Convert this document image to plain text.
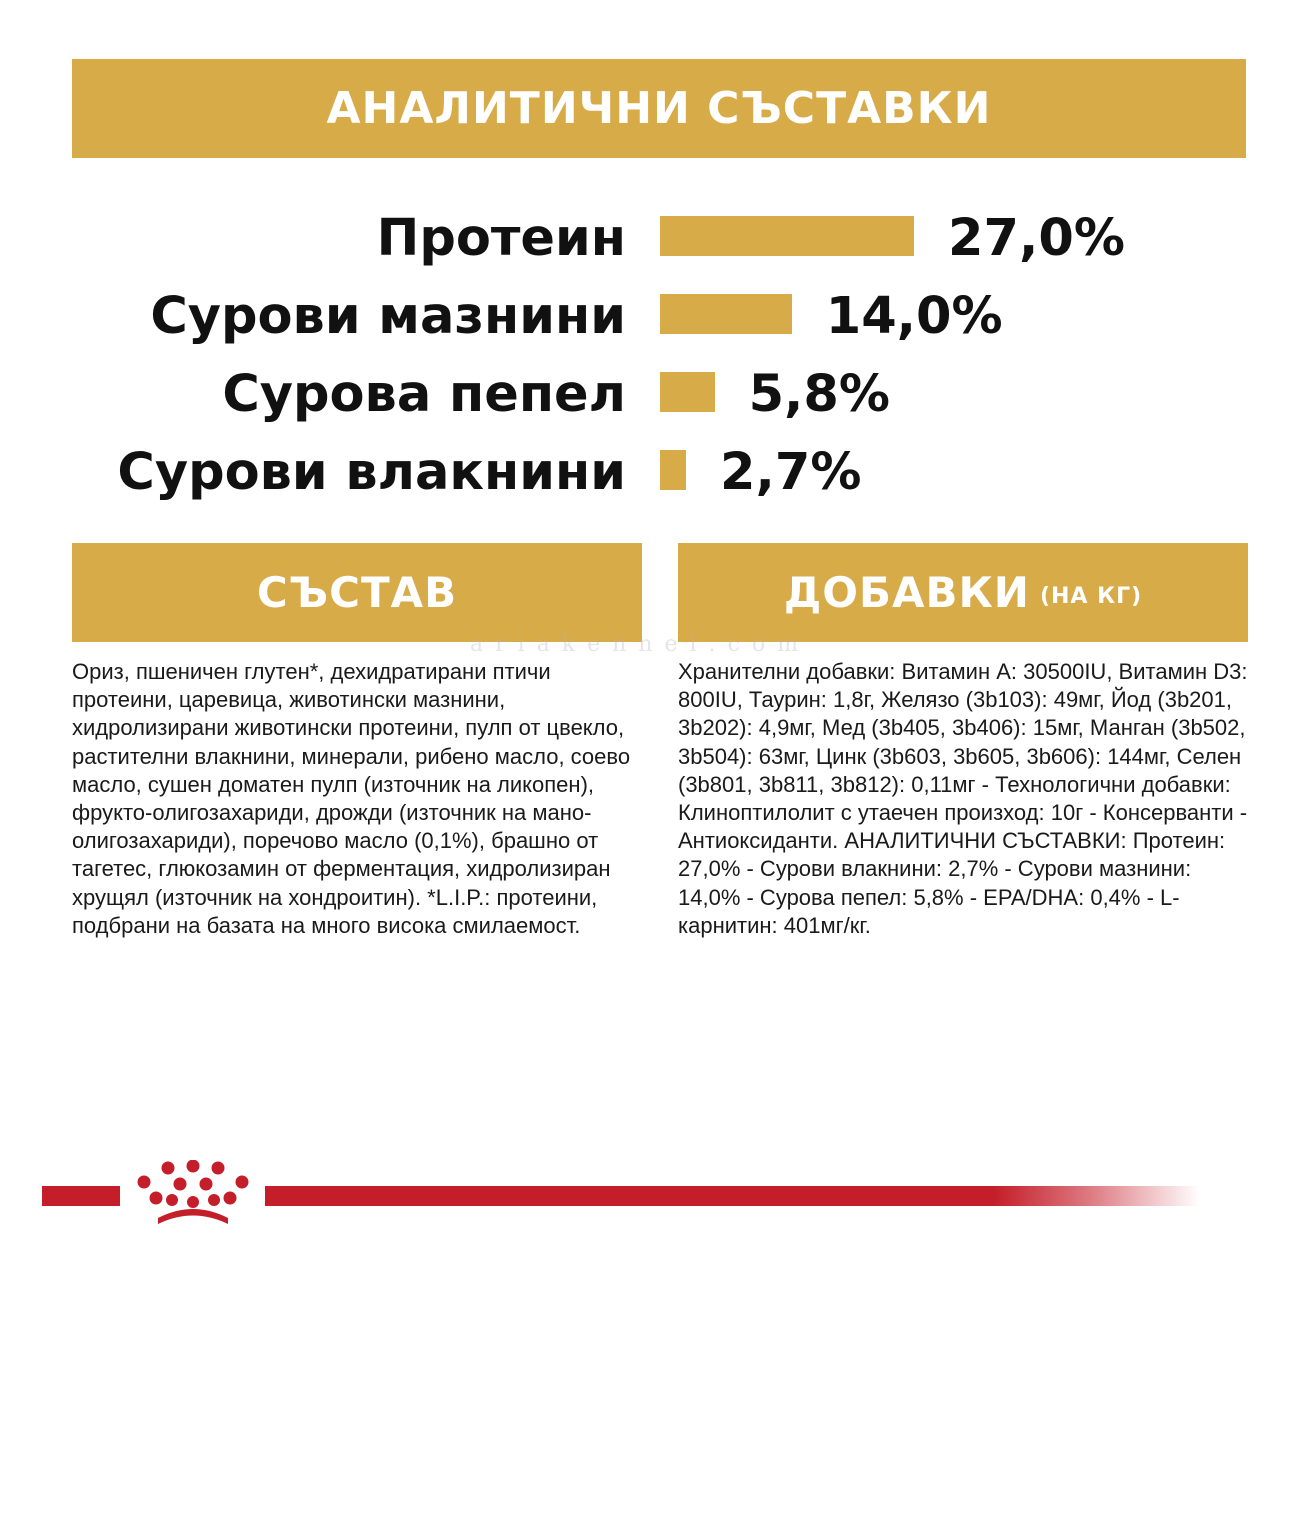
АНАЛИТИЧНИ СЪСТАВКИ
Протеин	27,0%
Сурови мазнини	14,0%
Сурова пепел 5,8%
Сурови влакнини 2,7%
СЪСТАВ
Ориз, пшеничен глутен*, дехидратирани птичи протеини, царевица, животински мазнини, хидролизирани животински протеини, пулп от цвекло, растителни влакнини, минерали, рибено масло, соево масло, сушен доматен пулп (източник на ликопен), фрукто-олигозахариди, дрожди (източник на мано-олигозахариди), поречово масло (0,1%), брашно от тагетес, глюкозамин от ферментация, хидролизиран хрущял (източник на хондроитин). *L.I.P.: протеини, подбрани на базата на много висока смилаемост.
ДОБАВКИ (НА КГ)
Хранителни добавки: Витамин A: 30500IU, Витамин D3: 800IU, Таурин: 1,8г, Желязо (3b103): 49мг, Йод (3b201, 3b202): 4,9мг, Мед (3b405, 3b406): 15мг, Манган (3b502, 3b504): 63мг, Цинк (3b603, 3b605, 3b606): 144мг, Селен (3b801, 3b811, 3b812): 0,11мг - Технологични добавки: Клиноптилолит с утаечен произход: 10г - Консерванти - Антиоксиданти. АНАЛИТИЧНИ СЪСТАВКИ: Протеин: 27,0% - Сурови влакнини: 2,7% - Сурови мазнини: 14,0% - Сурова пепел: 5,8% - EPA/DHA: 0,4% - L-карнитин: 401мг/кг.
ariakennel.com
